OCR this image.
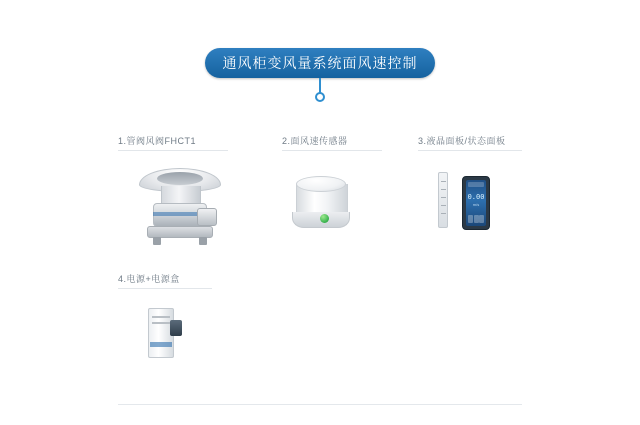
通风柜变风量系统面风速控制
1.管阀风阀FHCT1	2.面风速传感器	3.液晶面板/状态面板
0.00
m/s
4.电源+电源盒
